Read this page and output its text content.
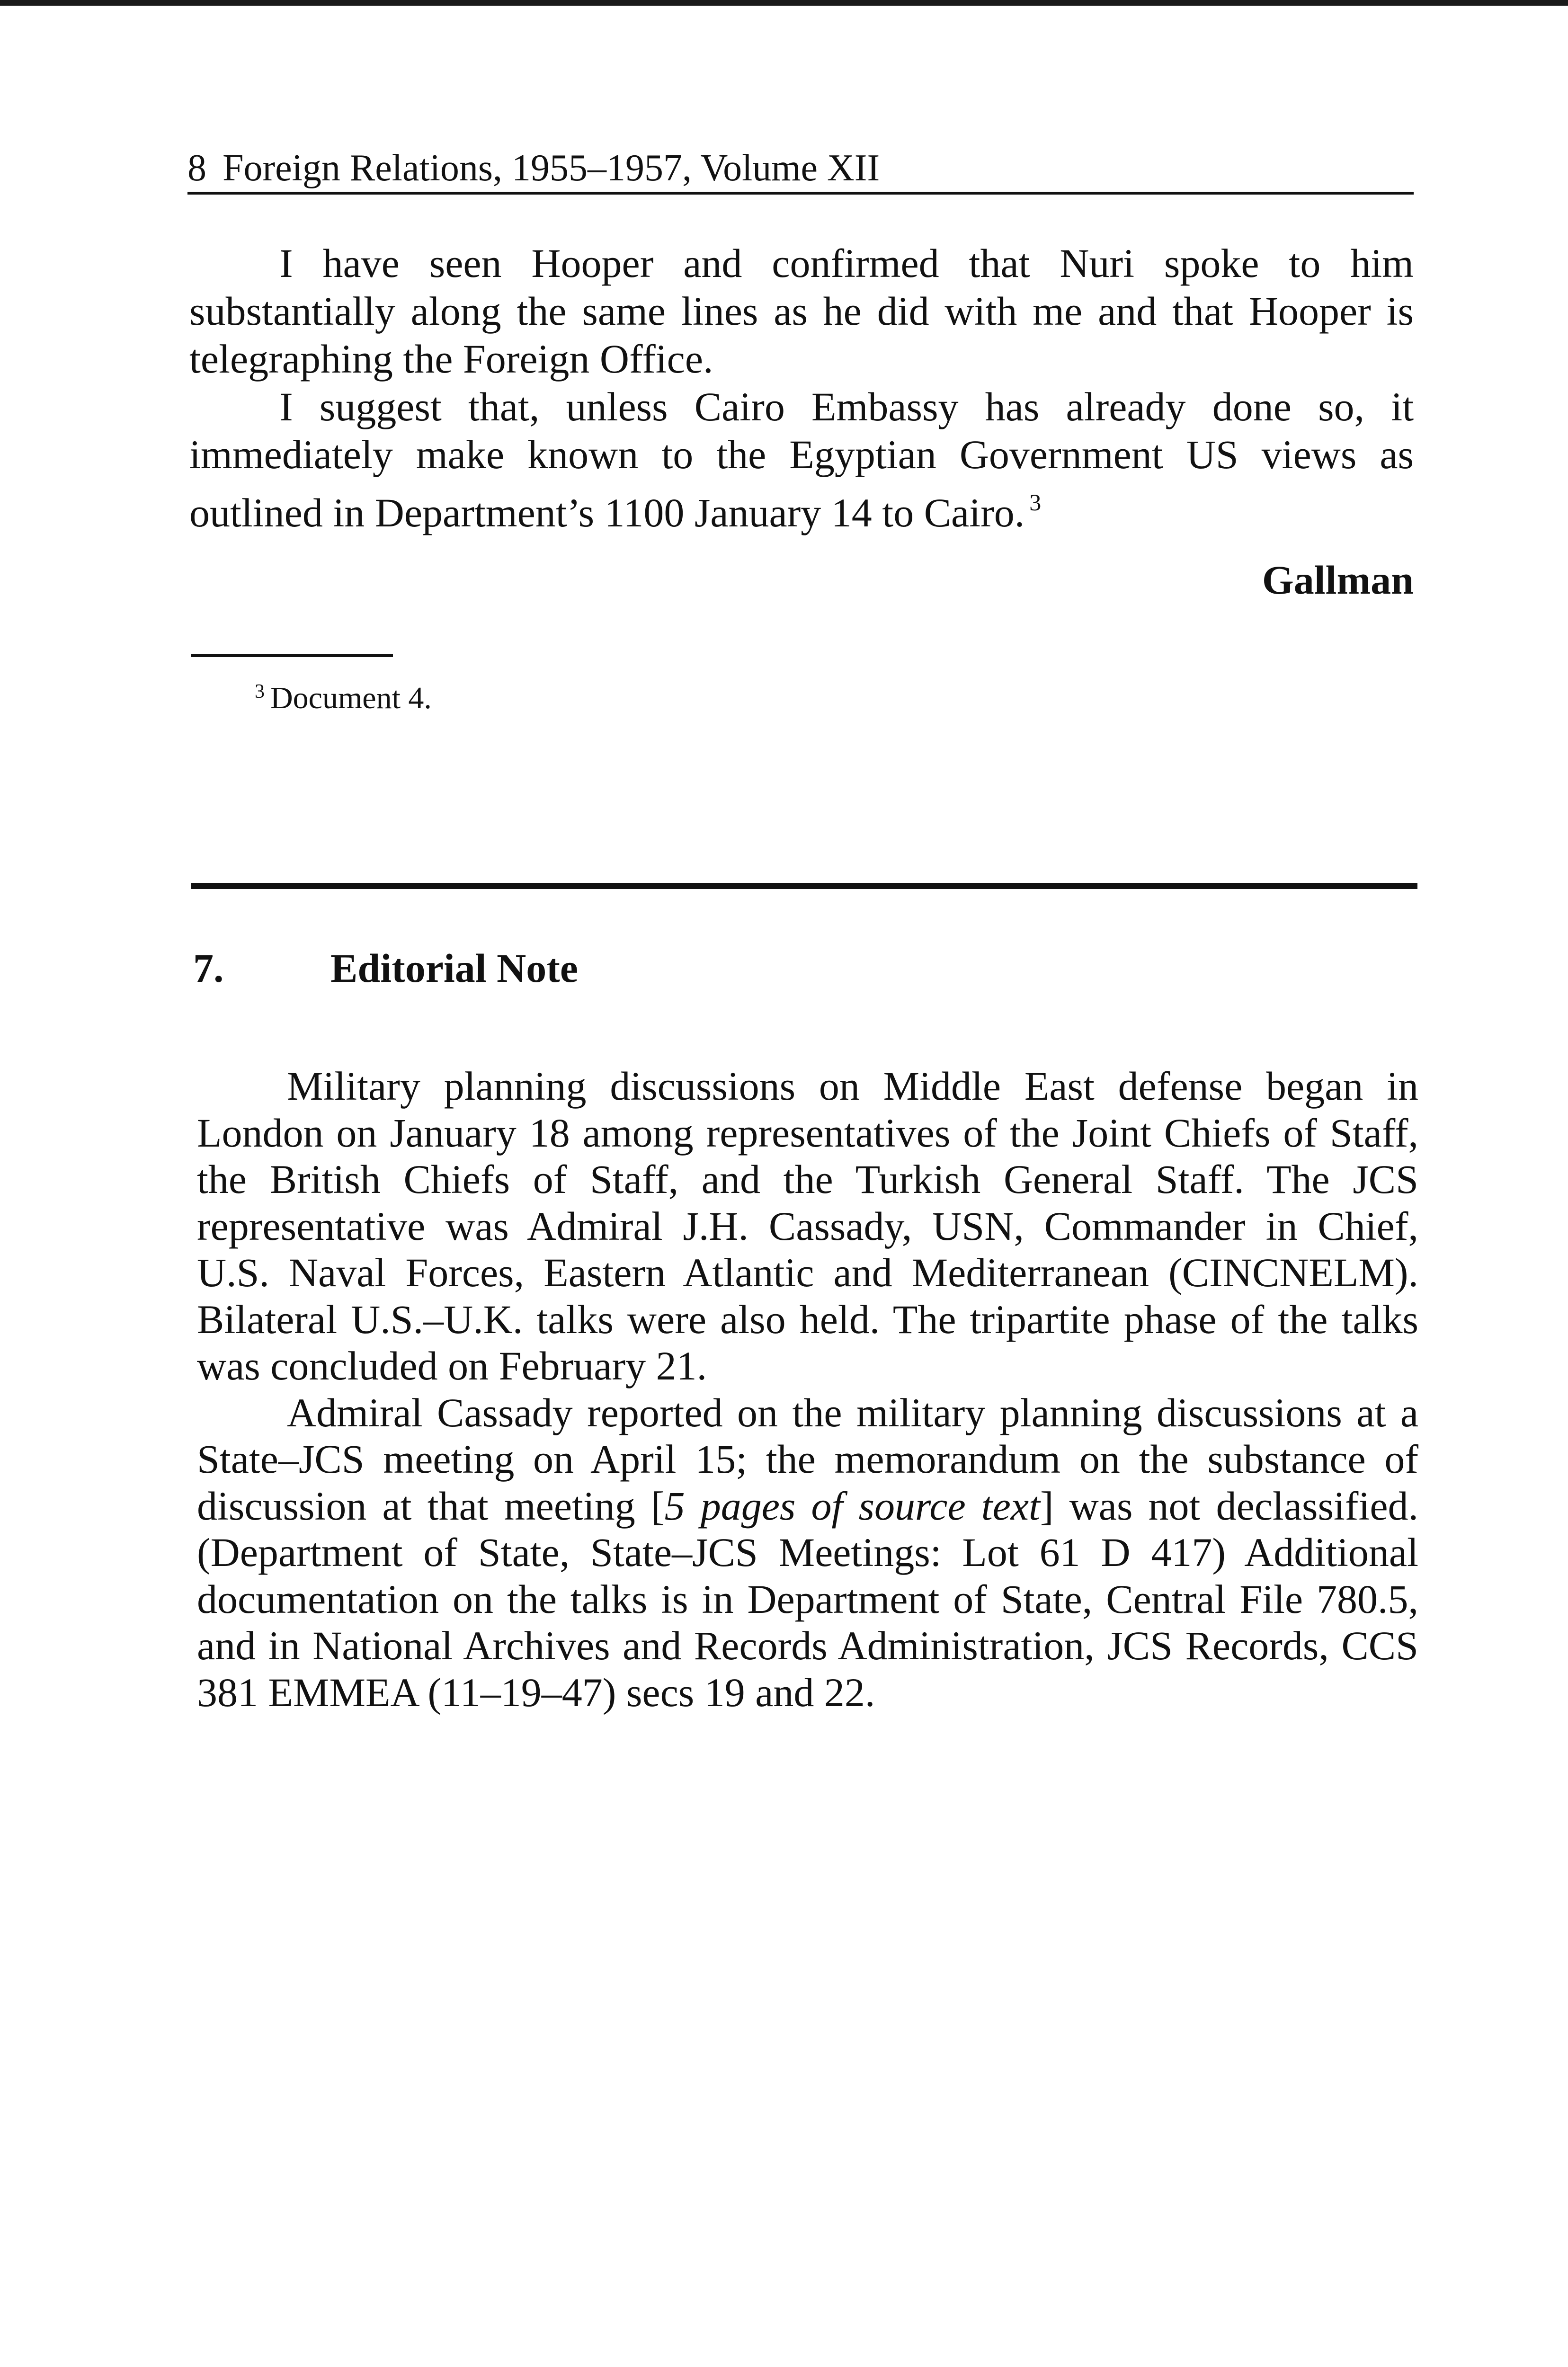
8 Foreign Relations, 1955–1957, Volume XII

I have seen Hooper and confirmed that Nuri spoke to him substantially along the same lines as he did with me and that Hooper is telegraphing the Foreign Office.

I suggest that, unless Cairo Embassy has already done so, it immediately make known to the Egyptian Government US views as outlined in Department’s 1100 January 14 to Cairo. $^3$

Gallman
$^3$ Document 4.
7.	Editorial Note

Military planning discussions on Middle East defense began in London on January 18 among representatives of the Joint Chiefs of Staff, the British Chiefs of Staff, and the Turkish General Staff. The JCS representative was Admiral J.H. Cassady, USN, Commander in Chief, U.S. Naval Forces, Eastern Atlantic and Mediterranean (CINCNELM). Bilateral U.S.–U.K. talks were also held. The tripartite phase of the talks was concluded on February 21.

Admiral Cassady reported on the military planning discussions at a State–JCS meeting on April 15; the memorandum on the substance of discussion at that meeting [5 pages of source text] was not declassified. (Department of State, State–JCS Meetings: Lot 61 D 417) Additional documentation on the talks is in Department of State, Central File 780.5, and in National Archives and Records Administration, JCS Records, CCS 381 EMMEA (11–19–47) secs 19 and 22.
